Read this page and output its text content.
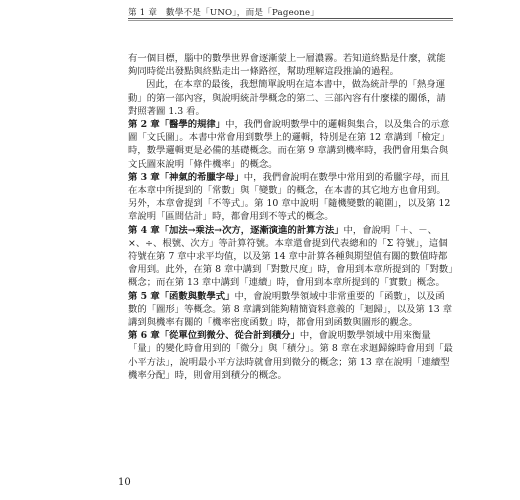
第 1 章　數學不是「UNO」，而是「Pageone」

有一個目標，腦中的數學世界會逐漸蒙上一層濃霧。若知道終點是什麼，就能夠同時從出發點與終點走出一條路徑，幫助理解這段推論的過程。

因此，在本章的最後，我想簡單說明在這本書中，做為統計學的「熱身運動」的第一部內容，與說明統計學概念的第二、三部內容有什麼樣的關係，請對照著圖 1.3 看。

第 2 章「醫學的規律」中，我們會說明數學中的邏輯與集合，以及集合的示意圖「文氏圖」。本書中常會用到數學上的邏輯，特別是在第 12 章講到「檢定」時，數學邏輯更是必備的基礎概念。而在第 9 章講到機率時，我們會用集合與文氏圖來說明「條件機率」的概念。

第 3 章「神氣的希臘字母」中，我們會說明在數學中常用到的希臘字母，而且在本章中所提到的「常數」與「變數」的概念，在本書的其它地方也會用到。另外，本章會提到「不等式」。第 10 章中說明「隨機變數的範圍」，以及第 12 章說明「區間估計」時，都會用到不等式的概念。

第 4 章「加法→乘法→次方，逐漸演進的計算方法」中，會說明「＋、－、×、÷、根號、次方」等計算符號。本章還會提到代表總和的「Σ 符號」，這個符號在第 7 章中求平均值，以及第 14 章中計算各種與期望值有關的數值時都會用到。此外，在第 8 章中講到「對數尺度」時，會用到本章所提到的「對數」概念；而在第 13 章中講到「連續」時，會用到本章所提到的「實數」概念。

第 5 章「函數與數學式」中，會說明數學領域中非常重要的「函數」，以及函數的「圖形」等概念。第 8 章講到能夠精簡資料意義的「迴歸」，以及第 13 章講到與機率有關的「機率密度函數」時，都會用到函數與圖形的觀念。

第 6 章「從單位到微分、從合計到積分」中，會說明數學領域中用來衡量「量」的變化時會用到的「微分」與「積分」。第 8 章在求迴歸線時會用到「最小平方法」，說明最小平方法時就會用到微分的概念；第 13 章在說明「連續型機率分配」時，則會用到積分的概念。

10
